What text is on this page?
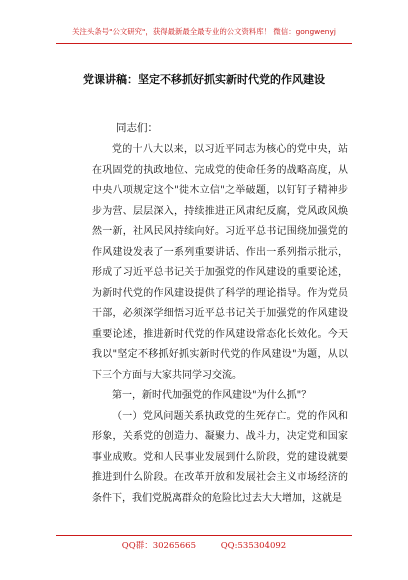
关注头条号"公文研究"，获得最新最全最专业的公文资料库！ 微信：gongwenyj
党课讲稿：坚定不移抓好抓实新时代党的作风建设
同志们：

党的十八大以来，以习近平同志为核心的党中央，站在巩固党的执政地位、完成党的使命任务的战略高度，从中央八项规定这个"徙木立信"之举破题，以钉钉子精神步步为营、层层深入，持续推进正风肃纪反腐，党风政风焕然一新，社风民风持续向好。习近平总书记围绕加强党的作风建设发表了一系列重要讲话、作出一系列指示批示，形成了习近平总书记关于加强党的作风建设的重要论述，为新时代党的作风建设提供了科学的理论指导。作为党员干部，必须深学细悟习近平总书记关于加强党的作风建设重要论述，推进新时代党的作风建设常态化长效化。今天我以"坚定不移抓好抓实新时代党的作风建设"为题，从以下三个方面与大家共同学习交流。

第一，新时代加强党的作风建设"为什么抓"？

（一）党风问题关系执政党的生死存亡。党的作风和形象，关系党的创造力、凝聚力、战斗力，决定党和国家事业成败。党和人民事业发展到什么阶段，党的建设就要推进到什么阶段。在改革开放和发展社会主义市场经济的条件下，我们党脱离群众的危险比过去大大增加，这就是

QQ群：30265665	QQ:535304092
